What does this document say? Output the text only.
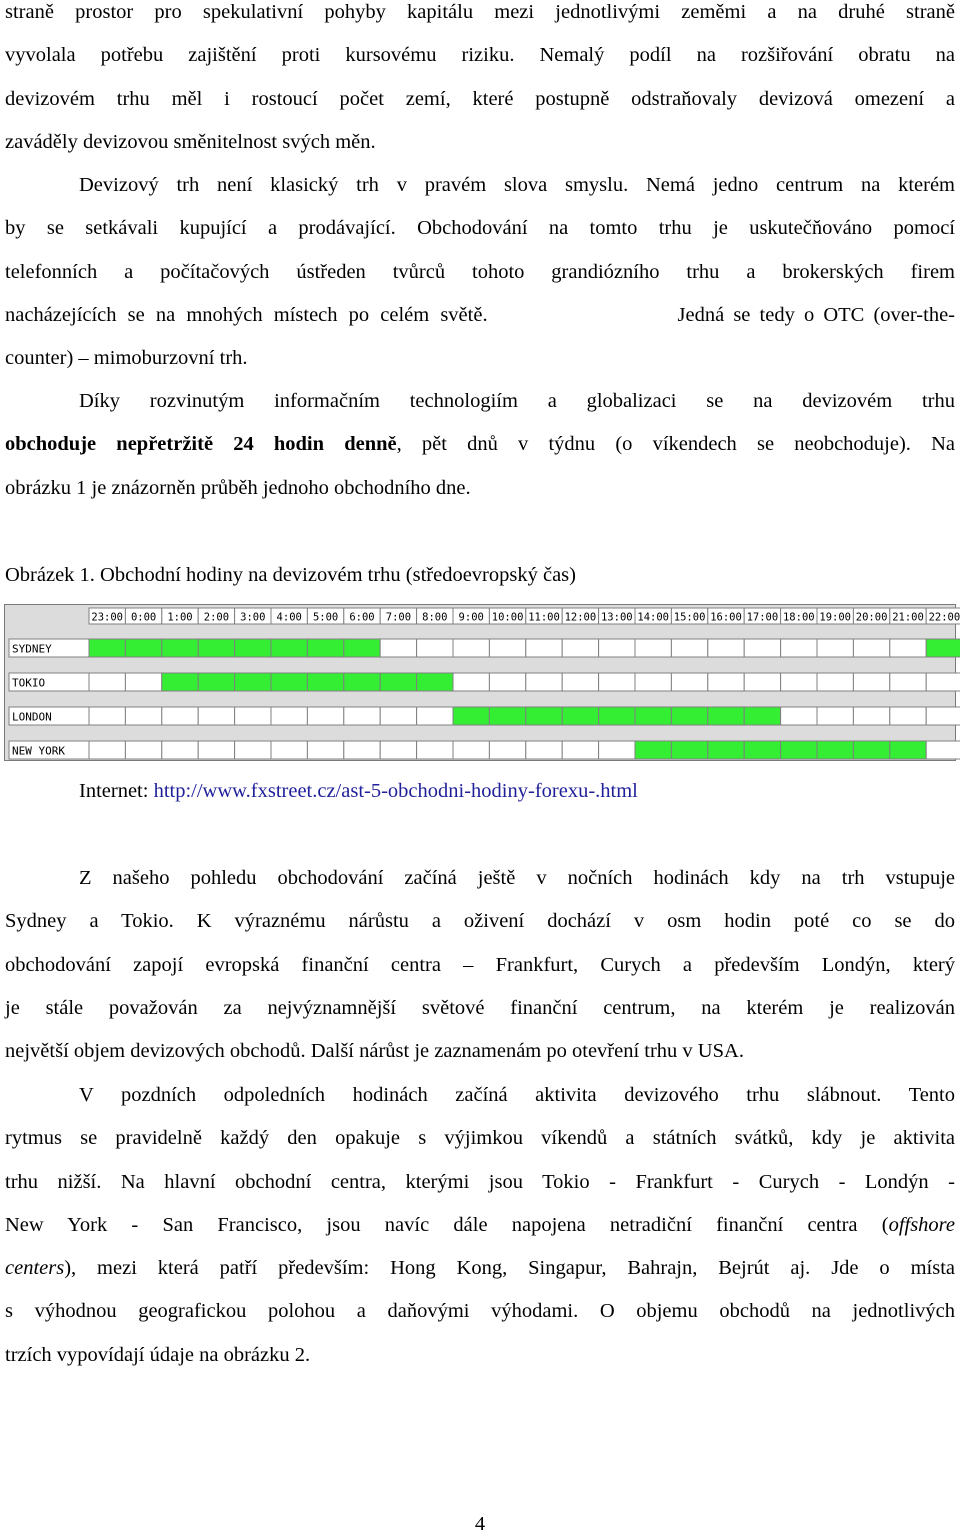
straně prostor pro spekulativní pohyby kapitálu mezi jednotlivými zeměmi a na druhé straně
vyvolala potřebu zajištění proti kursovému riziku. Nemalý podíl na rozšiřování obratu na
devizovém trhu měl i rostoucí počet zemí, které postupně odstraňovaly devizová omezení a
zaváděly devizovou směnitelnost svých měn.
Devizový trh není klasický trh v pravém slova smyslu. Nemá jedno centrum na kterém
by se setkávali kupující a prodávající. Obchodování na tomto trhu je uskutečňováno pomocí
telefonních a počítačových ústředen tvůrců tohoto grandiózního trhu a brokerských firem
nacházejících se na mnohých místech po celém světě.	Jedná se tedy o OTC (over-the-
counter) – mimoburzovní trh.
Díky rozvinutým informačním technologiím a globalizaci se na devizovém trhu
obchoduje nepřetržitě 24 hodin denně, pět dnů v týdnu (o víkendech se neobchoduje). Na
obrázku 1 je znázorněn průběh jednoho obchodního dne.
Obrázek 1. Obchodní hodiny na devizovém trhu (středoevropský čas)
23:00 0:00 1:00 2:00 3:00 4:00 5:00 6:00 7:00 8:00 9:00 10:00 11:00 12:00 13:00 14:00 15:00 16:00 17:00 18:00 19:00 20:00 21:00 22:00
SYDNEY
TOKIO
LONDON
NEW YORK
Internet: http://www.fxstreet.cz/ast-5-obchodni-hodiny-forexu-.html
Z našeho pohledu obchodování začíná ještě v nočních hodinách kdy na trh vstupuje
Sydney a Tokio. K výraznému nárůstu a oživení dochází v osm hodin poté co se do
obchodování zapojí evropská finanční centra – Frankfurt, Curych a především Londýn, který
je stále považován za nejvýznamnější světové finanční centrum, na kterém je realizován
největší objem devizových obchodů. Další nárůst je zaznamenám po otevření trhu v USA.
V pozdních odpoledních hodinách začíná aktivita devizového trhu slábnout. Tento
rytmus se pravidelně každý den opakuje s výjimkou víkendů a státních svátků, kdy je aktivita
trhu nižší. Na hlavní obchodní centra, kterými jsou Tokio - Frankfurt - Curych - Londýn -
New York - San Francisco, jsou navíc dále napojena netradiční finanční centra (offshore
centers), mezi která patří především: Hong Kong, Singapur, Bahrajn, Bejrút aj. Jde o místa
s výhodnou geografickou polohou a daňovými výhodami. O objemu obchodů na jednotlivých
trzích vypovídají údaje na obrázku 2.
4
